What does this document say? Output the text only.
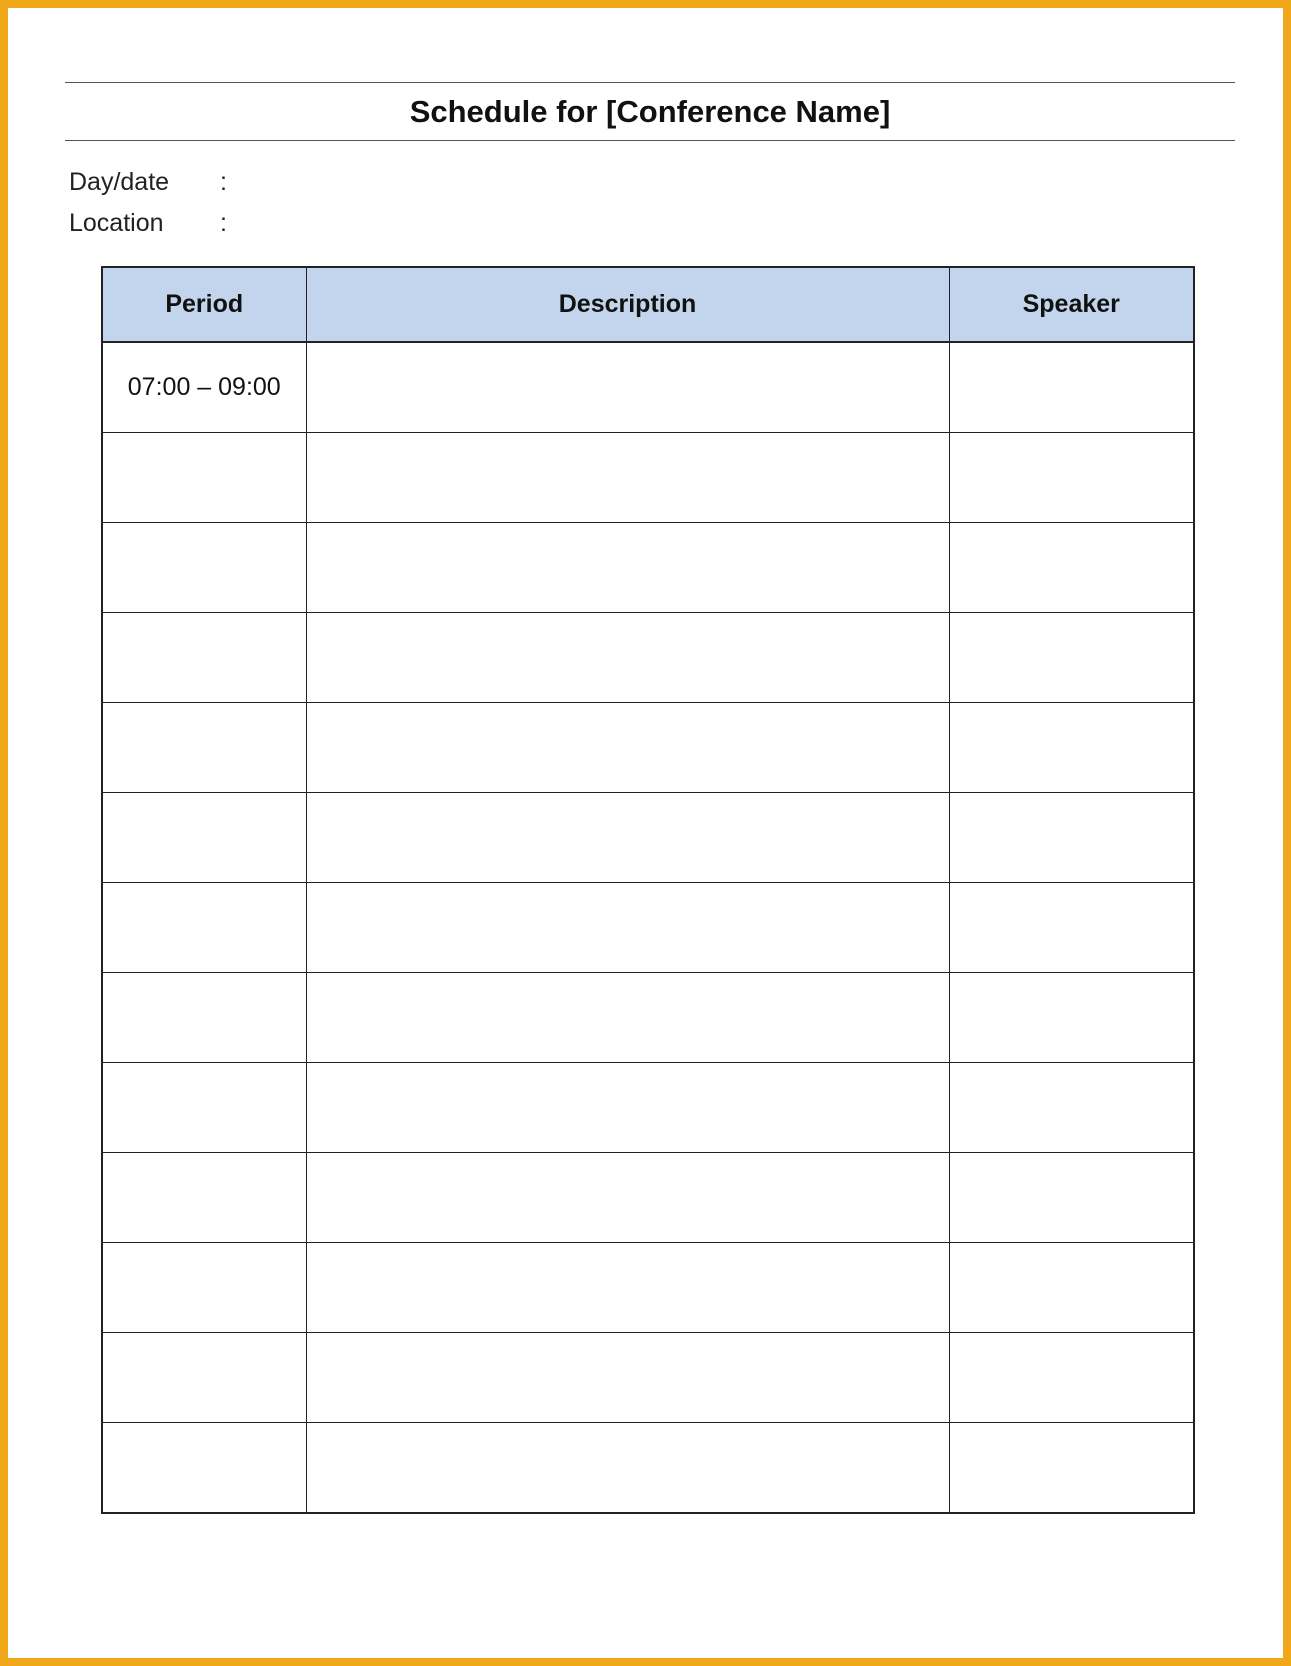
Schedule for [Conference Name]
Day/date :
Location :
Period	Description	Speaker
07:00 – 09:00		
